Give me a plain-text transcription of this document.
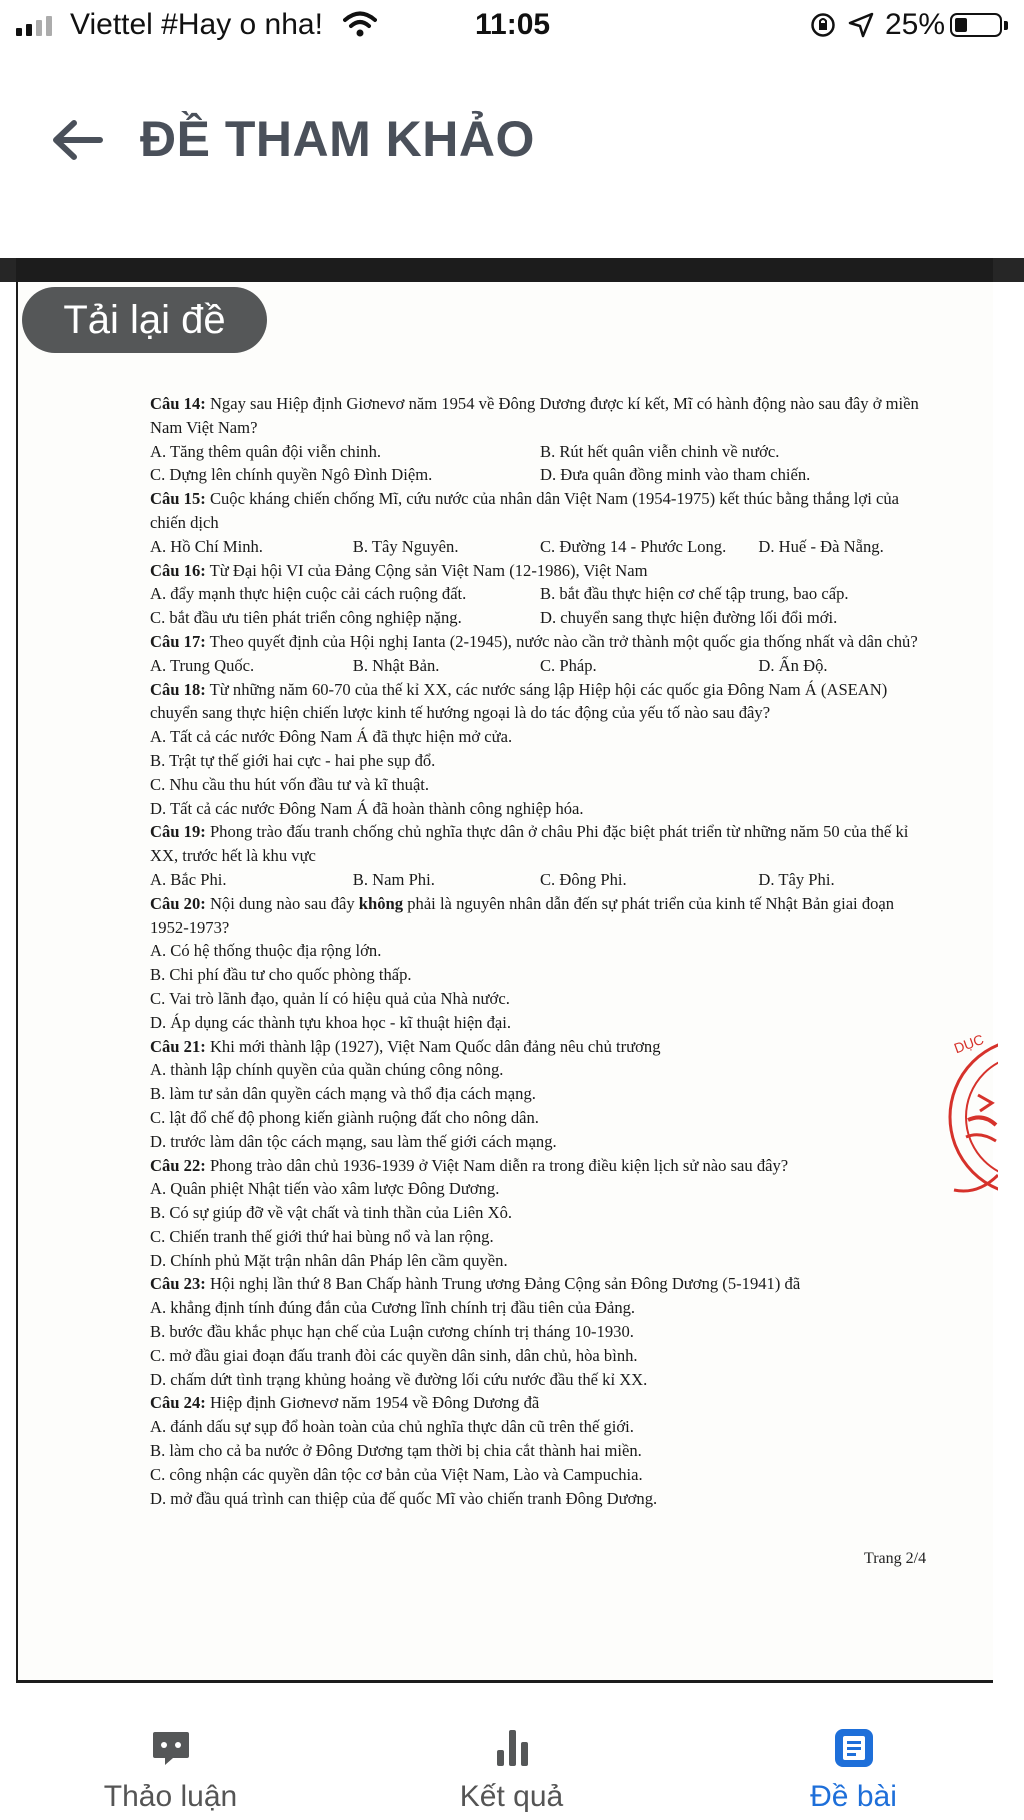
Viettel #Hay o nha!	11:05	25%
ĐỀ THAM KHẢO
Câu 14: Ngay sau Hiệp định Giơnevơ năm 1954 về Đông Dương được kí kết, Mĩ có hành động nào sau đây ở miền Nam Việt Nam?
A. Tăng thêm quân đội viễn chinh.	B. Rút hết quân viễn chinh về nước.
C. Dựng lên chính quyền Ngô Đình Diệm.	D. Đưa quân đồng minh vào tham chiến.
Câu 15: Cuộc kháng chiến chống Mĩ, cứu nước của nhân dân Việt Nam (1954-1975) kết thúc bằng thắng lợi của chiến dịch
A. Hồ Chí Minh.	B. Tây Nguyên.	C. Đường 14 - Phước Long.	D. Huế - Đà Nẵng.
Câu 16: Từ Đại hội VI của Đảng Cộng sản Việt Nam (12-1986), Việt Nam
A. đẩy mạnh thực hiện cuộc cải cách ruộng đất.	B. bắt đầu thực hiện cơ chế tập trung, bao cấp.
C. bắt đầu ưu tiên phát triển công nghiệp nặng.	D. chuyển sang thực hiện đường lối đổi mới.
Câu 17: Theo quyết định của Hội nghị Ianta (2-1945), nước nào cần trở thành một quốc gia thống nhất và dân chủ?
A. Trung Quốc.	B. Nhật Bản.	C. Pháp.	D. Ấn Độ.
Câu 18: Từ những năm 60-70 của thế kỉ XX, các nước sáng lập Hiệp hội các quốc gia Đông Nam Á (ASEAN) chuyển sang thực hiện chiến lược kinh tế hướng ngoại là do tác động của yếu tố nào sau đây?
A. Tất cả các nước Đông Nam Á đã thực hiện mở cửa.
B. Trật tự thế giới hai cực - hai phe sụp đổ.
C. Nhu cầu thu hút vốn đầu tư và kĩ thuật.
D. Tất cả các nước Đông Nam Á đã hoàn thành công nghiệp hóa.
Câu 19: Phong trào đấu tranh chống chủ nghĩa thực dân ở châu Phi đặc biệt phát triển từ những năm 50 của thế kỉ XX, trước hết là khu vực
A. Bắc Phi.	B. Nam Phi.	C. Đông Phi.	D. Tây Phi.
Câu 20: Nội dung nào sau đây không phải là nguyên nhân dẫn đến sự phát triển của kinh tế Nhật Bản giai đoạn 1952-1973?
A. Có hệ thống thuộc địa rộng lớn.
B. Chi phí đầu tư cho quốc phòng thấp.
C. Vai trò lãnh đạo, quản lí có hiệu quả của Nhà nước.
D. Áp dụng các thành tựu khoa học - kĩ thuật hiện đại.
Câu 21: Khi mới thành lập (1927), Việt Nam Quốc dân đảng nêu chủ trương
A. thành lập chính quyền của quần chúng công nông.
B. làm tư sản dân quyền cách mạng và thổ địa cách mạng.
C. lật đổ chế độ phong kiến giành ruộng đất cho nông dân.
D. trước làm dân tộc cách mạng, sau làm thế giới cách mạng.
Câu 22: Phong trào dân chủ 1936-1939 ở Việt Nam diễn ra trong điều kiện lịch sử nào sau đây?
A. Quân phiệt Nhật tiến vào xâm lược Đông Dương.
B. Có sự giúp đỡ về vật chất và tinh thần của Liên Xô.
C. Chiến tranh thế giới thứ hai bùng nổ và lan rộng.
D. Chính phủ Mặt trận nhân dân Pháp lên cầm quyền.
Câu 23: Hội nghị lần thứ 8 Ban Chấp hành Trung ương Đảng Cộng sản Đông Dương (5-1941) đã
A. khẳng định tính đúng đắn của Cương lĩnh chính trị đầu tiên của Đảng.
B. bước đầu khắc phục hạn chế của Luận cương chính trị tháng 10-1930.
C. mở đầu giai đoạn đấu tranh đòi các quyền dân sinh, dân chủ, hòa bình.
D. chấm dứt tình trạng khủng hoảng về đường lối cứu nước đầu thế kỉ XX.
Câu 24: Hiệp định Giơnevơ năm 1954 về Đông Dương đã
A. đánh dấu sự sụp đổ hoàn toàn của chủ nghĩa thực dân cũ trên thế giới.
B. làm cho cả ba nước ở Đông Dương tạm thời bị chia cắt thành hai miền.
C. công nhận các quyền dân tộc cơ bản của Việt Nam, Lào và Campuchia.
D. mở đầu quá trình can thiệp của đế quốc Mĩ vào chiến tranh Đông Dương.
Trang 2/4
DỤC
Tải lại đề
Thảo luận	Kết quả	Đề bài
